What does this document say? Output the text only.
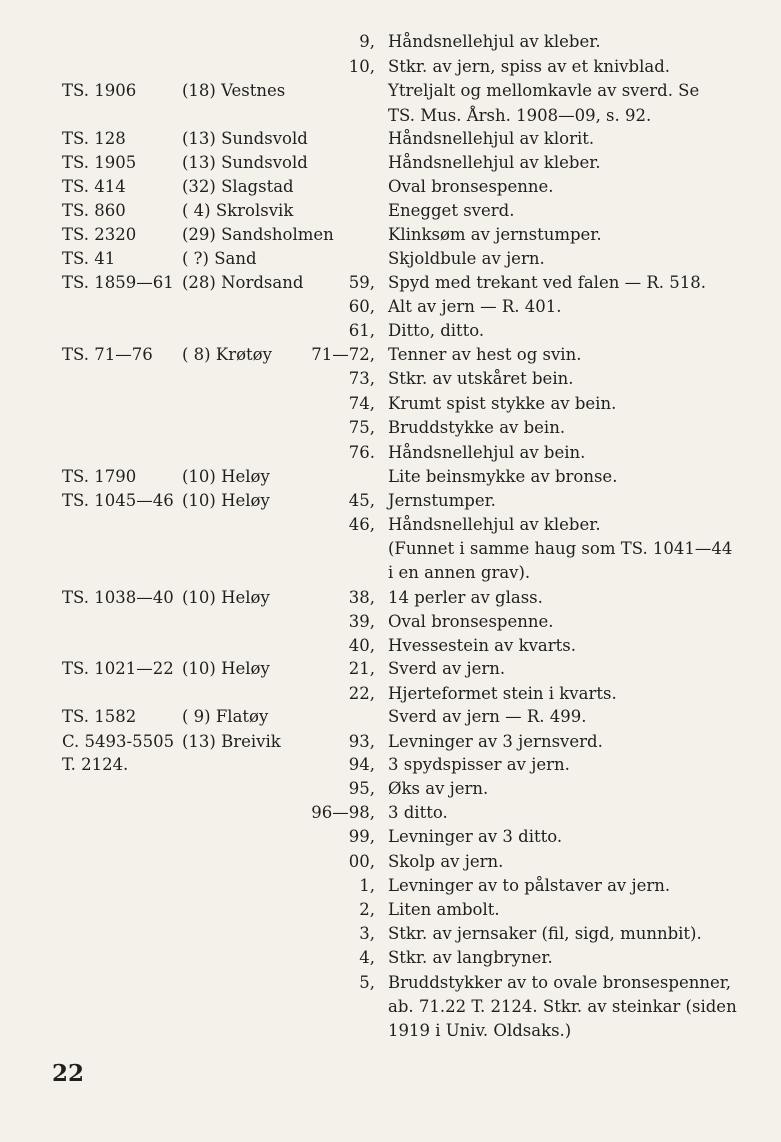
9, Håndsnellehjul av kleber.
10, Stkr. av jern, spiss av et knivblad.
TS. 1906	(18) Vestnes	Ytreljalt og mellomkavle av sverd. Se
TS. Mus. Årsh. 1908—09, s. 92.
TS. 128	(13) Sundsvold	Håndsnellehjul av klorit.
TS. 1905	(13) Sundsvold	Håndsnellehjul av kleber.
TS. 414	(32) Slagstad	Oval bronsespenne.
TS. 860	( 4) Skrolsvik	Enegget sverd.
TS. 2320	(29) Sandsholmen	Klinksøm av jernstumper.
TS. 41	( ?) Sand	Skjoldbule av jern.
TS. 1859—61 (28) Nordsand	59, Spyd med trekant ved falen — R. 518.
60, Alt av jern — R. 401.
61, Ditto, ditto.
TS. 71—76 ( 8) Krøtøy 71—72, Tenner av hest og svin.
73, Stkr. av utskåret bein.
74, Krumt spist stykke av bein.
75, Bruddstykke av bein.
76. Håndsnellehjul av bein.
TS. 1790	(10) Heløy	Lite beinsmykke av bronse.
TS. 1045—46 (10) Heløy	45, Jernstumper.
46, Håndsnellehjul av kleber.
(Funnet i samme haug som TS. 1041—44
i en annen grav).
TS. 1038—40 (10) Heløy	38, 14 perler av glass.
39, Oval bronsespenne.
40, Hvessestein av kvarts.
TS. 1021—22 (10) Heløy	21, Sverd av jern.
22, Hjerteformet stein i kvarts.
TS. 1582	( 9) Flatøy	Sverd av jern — R. 499.
C. 5493-5505 (13) Breivik	93, Levninger av 3 jernsverd.
T. 2124.	94, 3 spydspisser av jern.
95, Øks av jern.
96—98, 3 ditto.
99, Levninger av 3 ditto.
00, Skolp av jern.
1, Levninger av to pålstaver av jern.
2, Liten ambolt.
3, Stkr. av jernsaker (fil, sigd, munnbit).
4, Stkr. av langbryner.
5, Bruddstykker av to ovale bronsespenner,
ab. 71.22 T. 2124. Stkr. av steinkar (siden
1919 i Univ. Oldsaks.)
22
